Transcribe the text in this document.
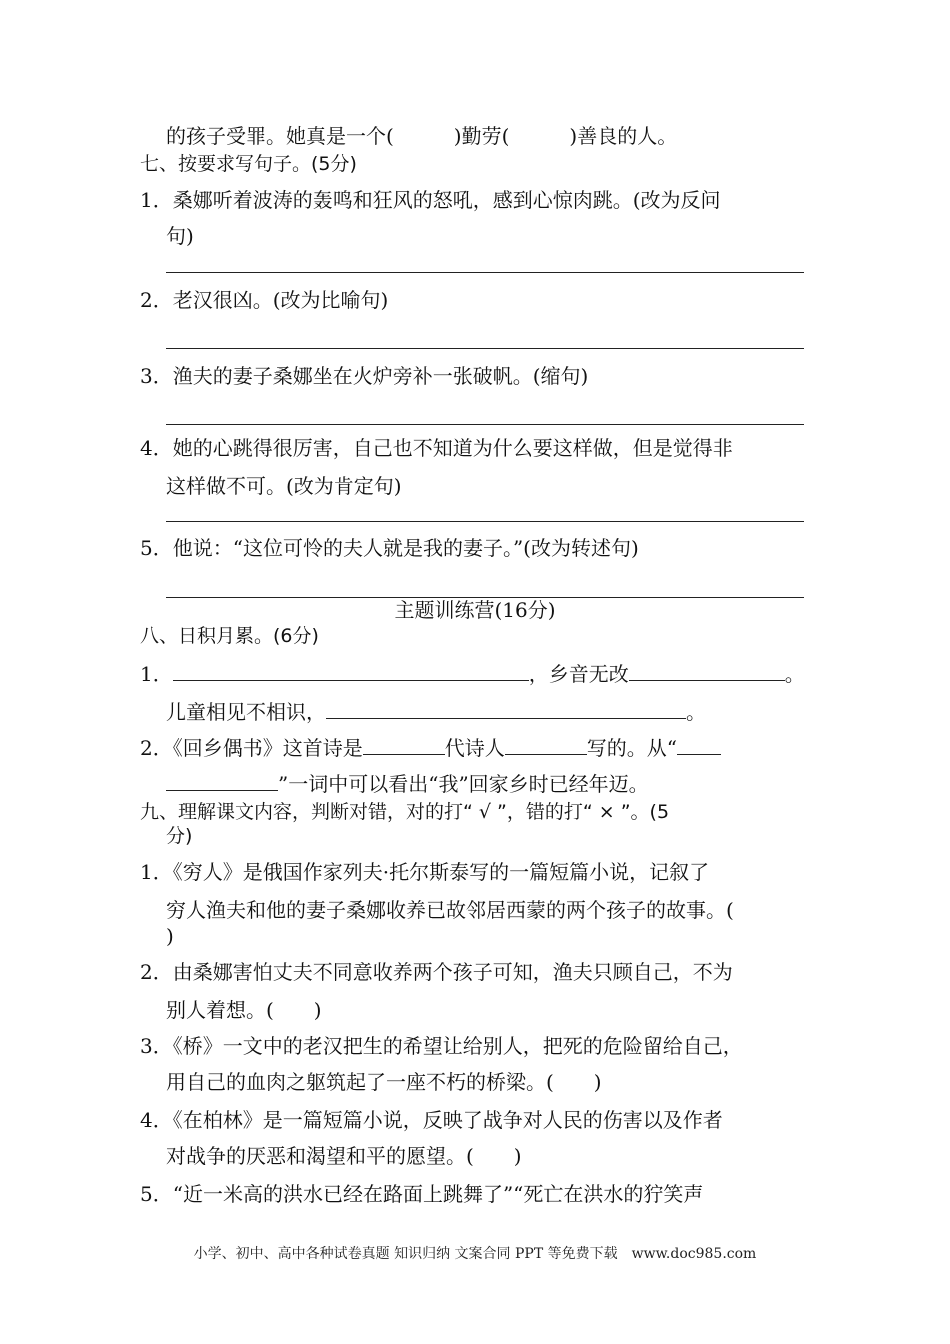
的孩子受罪。她真是一个(　　　)勤劳(　　　)善良的人。
七、按要求写句子。(5分)
1．桑娜听着波涛的轰鸣和狂风的怒吼，感到心惊肉跳。(改为反问
句)
2．老汉很凶。(改为比喻句)
3．渔夫的妻子桑娜坐在火炉旁补一张破帆。(缩句)
4．她的心跳得很厉害，自己也不知道为什么要这样做，但是觉得非
这样做不可。(改为肯定句)
5．他说：“这位可怜的夫人就是我的妻子。”(改为转述句)
主题训练营(16分)
八、日积月累。(6分)
1．	，乡音无改	。
儿童相见不相识，	。
2．《回乡偶书》这首诗是	代诗人	写的。从“
”一词中可以看出“我”回家乡时已经年迈。
九、理解课文内容，判断对错，对的打“ √ ”，错的打“ × ”。(5
分)
1．《穷人》是俄国作家列夫·托尔斯泰写的一篇短篇小说，记叙了
穷人渔夫和他的妻子桑娜收养已故邻居西蒙的两个孩子的故事。(
)
2．由桑娜害怕丈夫不同意收养两个孩子可知，渔夫只顾自己，不为
别人着想。(　　)
3．《桥》一文中的老汉把生的希望让给别人，把死的危险留给自己，
用自己的血肉之躯筑起了一座不朽的桥梁。(　　)
4．《在柏林》是一篇短篇小说，反映了战争对人民的伤害以及作者
对战争的厌恶和渴望和平的愿望。(　　)
5．“近一米高的洪水已经在路面上跳舞了”“死亡在洪水的狞笑声
小学、初中、高中各种试卷真题 知识归纳 文案合同 PPT 等免费下载　www.doc985.com
